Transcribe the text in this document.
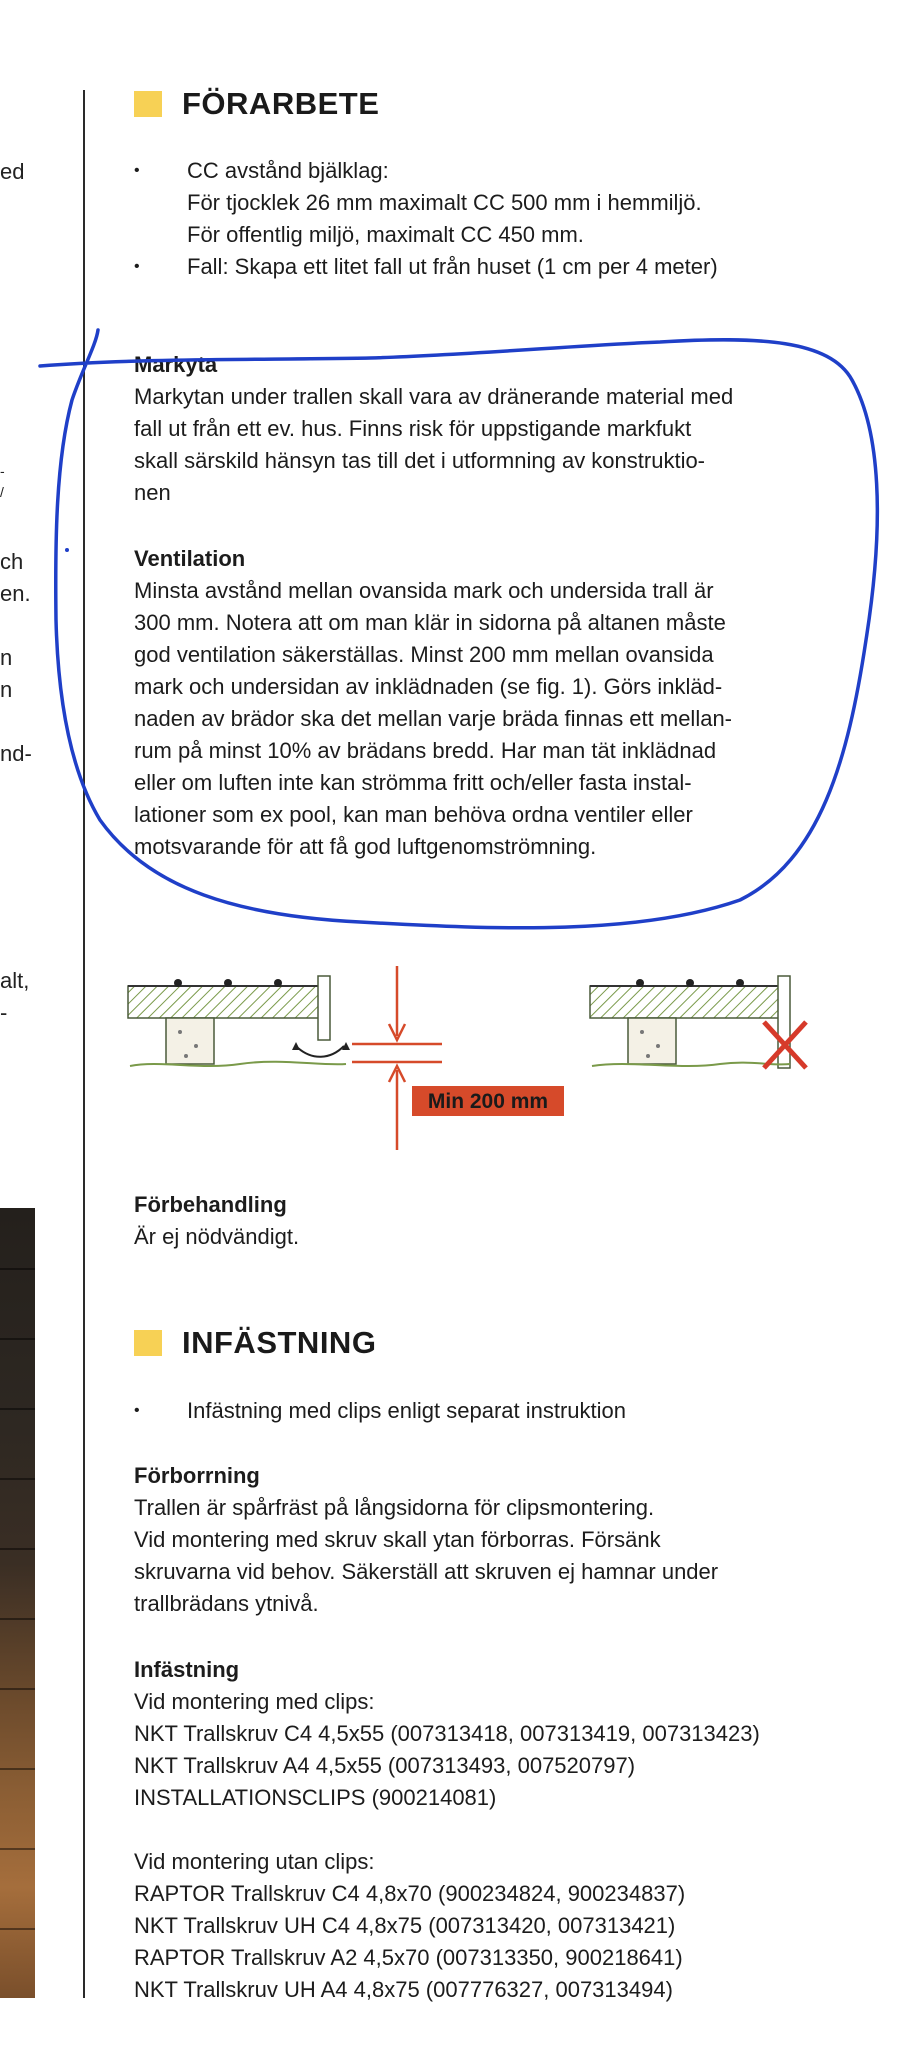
ed
-
/
ch
en.
n
n
nd-
alt,
-
FÖRARBETE
•	CC avstånd bjälklag:
För tjocklek 26 mm maximalt CC 500 mm i hemmiljö.
För offentlig miljö, maximalt CC 450 mm.
•	Fall: Skapa ett litet fall ut från huset (1 cm per 4 meter)
Markyta
Markytan under trallen skall vara av dränerande material med
fall ut från ett ev. hus. Finns risk för uppstigande markfukt
skall särskild hänsyn tas till det i utformning av konstruktio-
nen
Ventilation
Minsta avstånd mellan ovansida mark och undersida trall är
300 mm. Notera att om man klär in sidorna på altanen måste
god ventilation säkerställas. Minst 200 mm mellan ovansida
mark och undersidan av inklädnaden (se fig. 1). Görs inkläd-
naden av brädor ska det mellan varje bräda finnas ett mellan-
rum på minst 10% av brädans bredd. Har man tät inklädnad
eller om luften inte kan strömma fritt och/eller fasta instal-
lationer som ex pool, kan man behöva ordna ventiler eller
motsvarande för att få god luftgenomströmning.
Min 200 mm
Förbehandling
Är ej nödvändigt.
INFÄSTNING
•	Infästning med clips enligt separat instruktion
Förborrning
Trallen är spårfräst på långsidorna för clipsmontering.
Vid montering med skruv skall ytan förborras. Försänk
skruvarna vid behov. Säkerställ att skruven ej hamnar under
trallbrädans ytnivå.
Infästning
Vid montering med clips:
NKT Trallskruv C4 4,5x55 (007313418, 007313419, 007313423)
NKT Trallskruv A4 4,5x55 (007313493, 007520797)
INSTALLATIONSCLIPS (900214081)
Vid montering utan clips:
RAPTOR Trallskruv C4 4,8x70 (900234824, 900234837)
NKT Trallskruv UH C4 4,8x75 (007313420, 007313421)
RAPTOR Trallskruv A2 4,5x70 (007313350, 900218641)
NKT Trallskruv UH A4 4,8x75 (007776327, 007313494)
